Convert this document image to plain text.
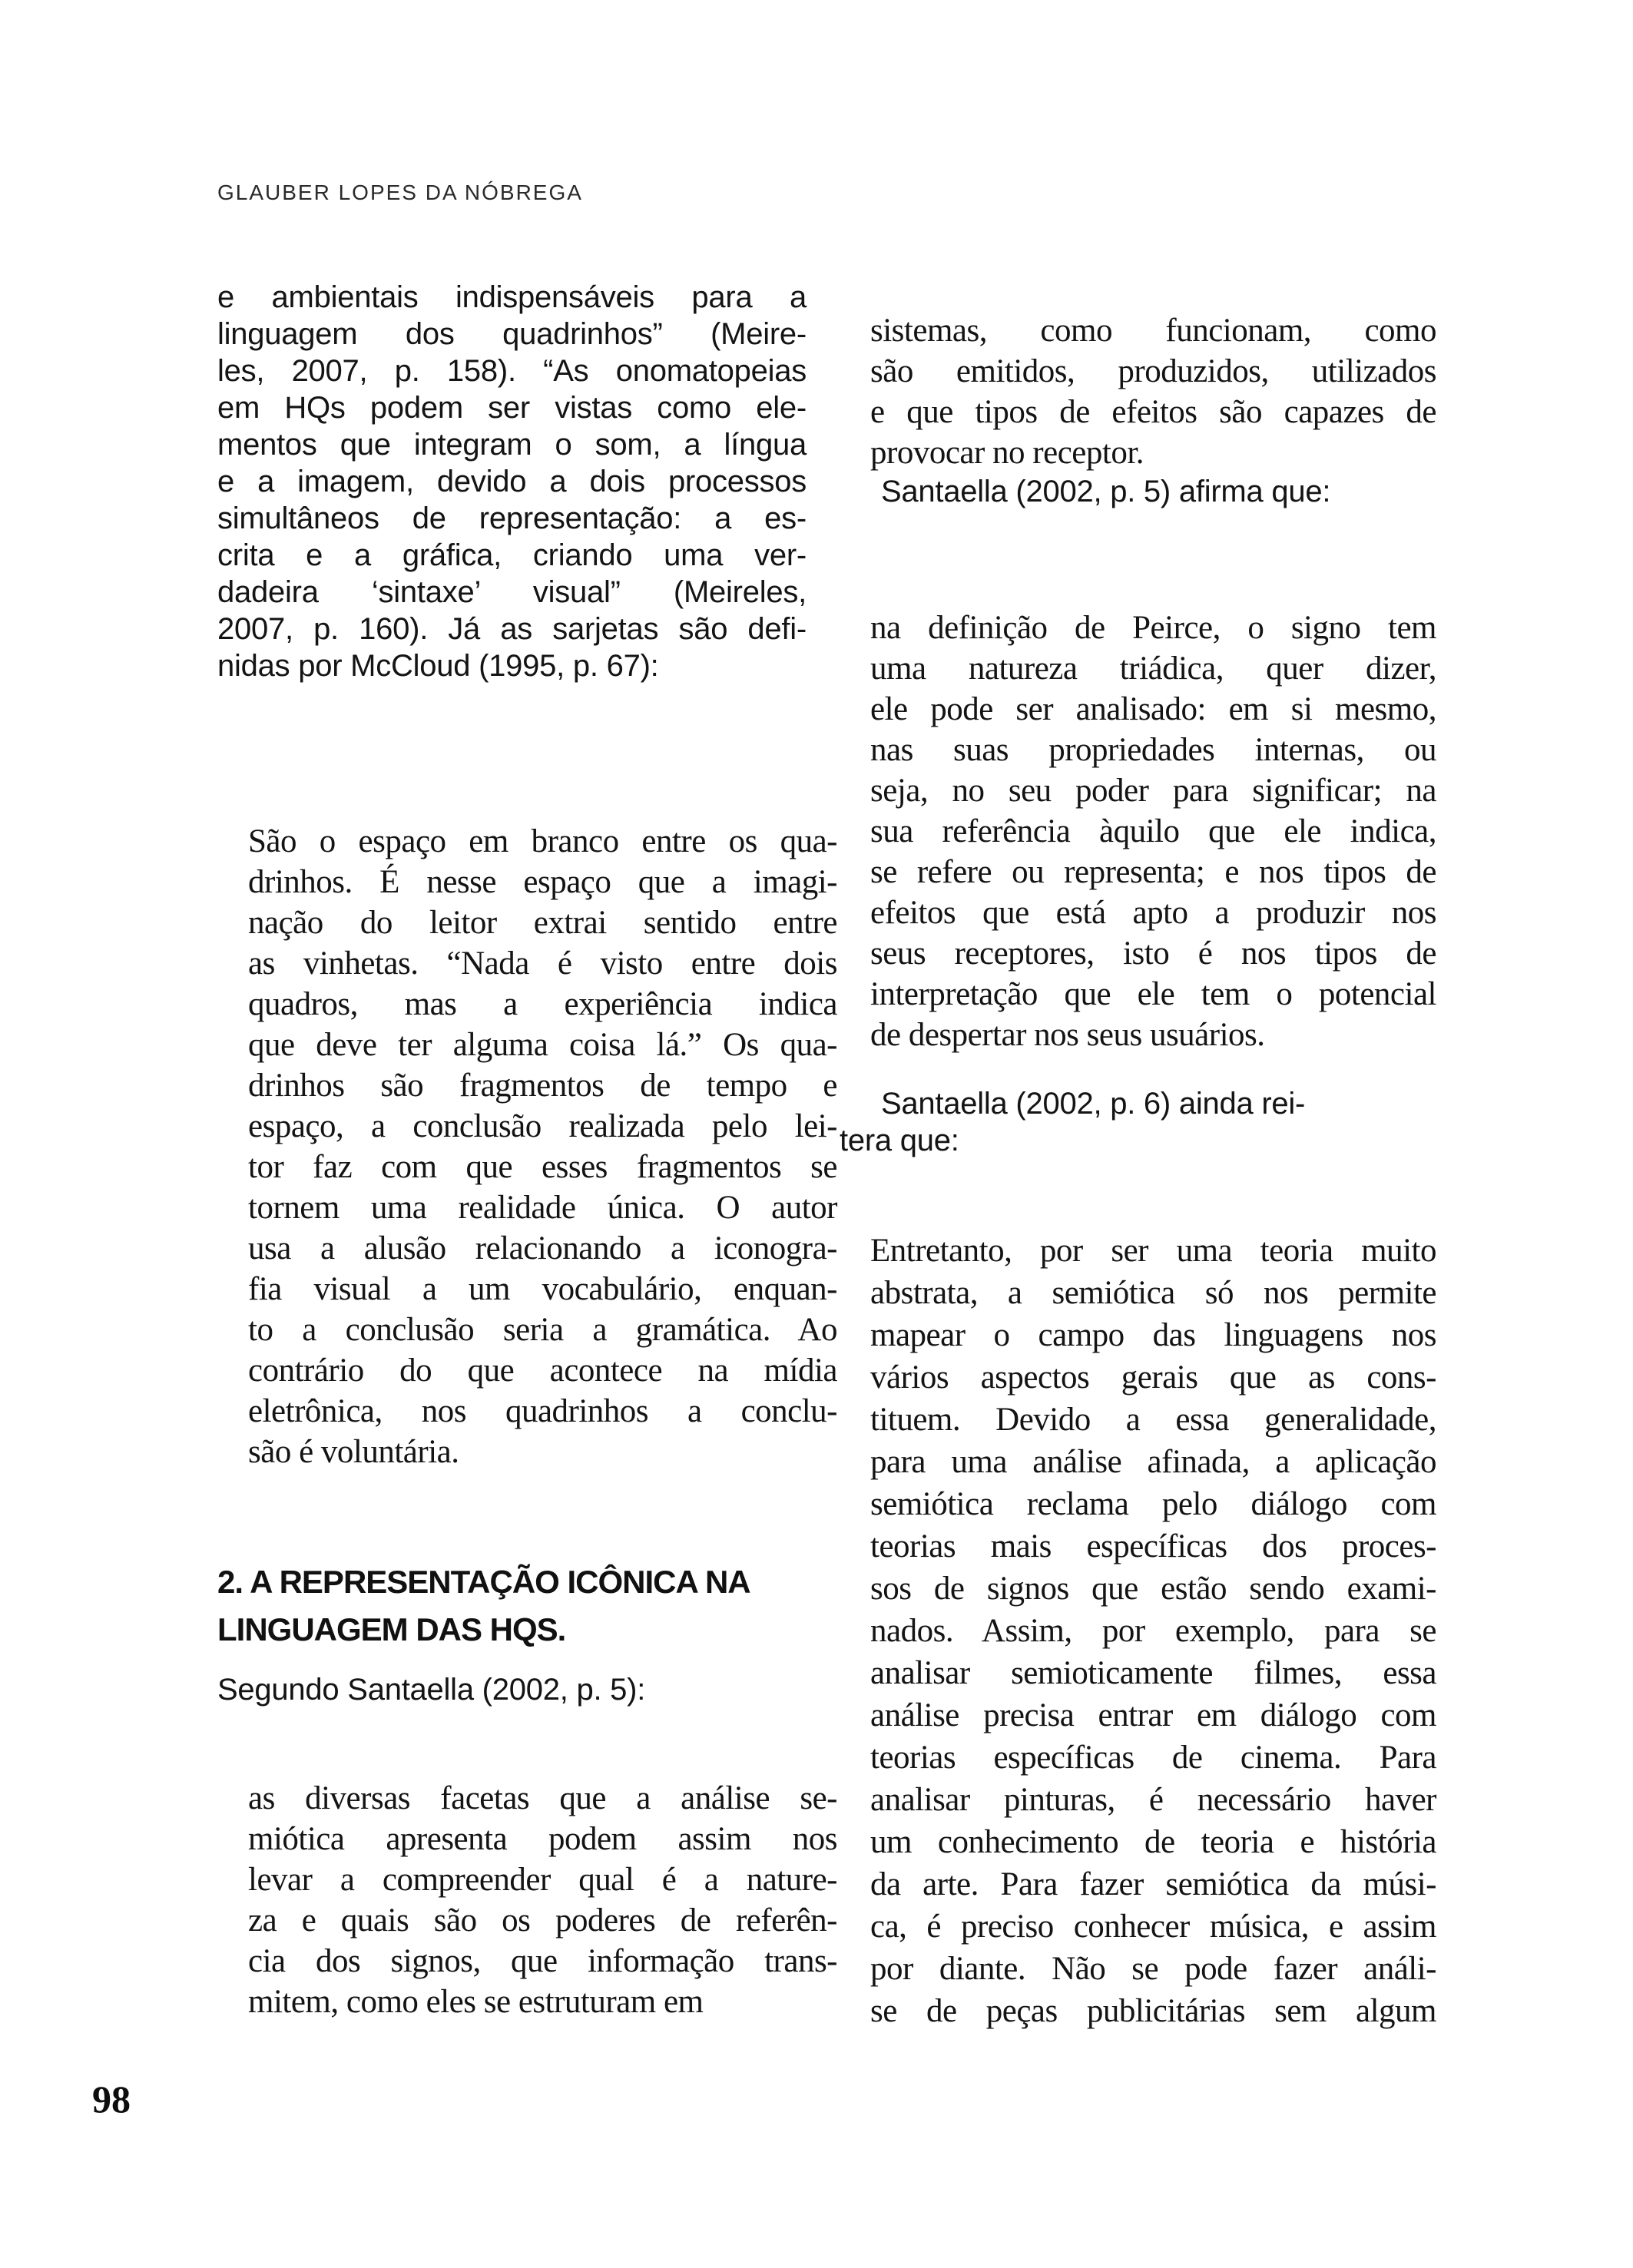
GLAUBER LOPES DA NÓBREGA
e ambientais indispensáveis para a
linguagem dos quadrinhos” (Meire-
les, 2007, p. 158). “As onomatopeias
em HQs podem ser vistas como ele-
mentos que integram o som, a língua
e a imagem, devido a dois processos
simultâneos de representação: a es-
crita e a gráfica, criando uma ver-
dadeira ‘sintaxe’ visual” (Meireles,
2007, p. 160). Já as sarjetas são defi-
nidas por McCloud (1995, p. 67):
São o espaço em branco entre os qua-
drinhos. É nesse espaço que a imagi-
nação do leitor extrai sentido entre
as vinhetas. “Nada é visto entre dois
quadros, mas a experiência indica
que deve ter alguma coisa lá.” Os qua-
drinhos são fragmentos de tempo e
espaço, a conclusão realizada pelo lei-
tor faz com que esses fragmentos se
tornem uma realidade única. O autor
usa a alusão relacionando a iconogra-
fia visual a um vocabulário, enquan-
to a conclusão seria a gramática. Ao
contrário do que acontece na mídia
eletrônica, nos quadrinhos a conclu-
são é voluntária.
2. A REPRESENTAÇÃO ICÔNICA NA
LINGUAGEM DAS HQS.
Segundo Santaella (2002, p. 5):
as diversas facetas que a análise se-
miótica apresenta podem assim nos
levar a compreender qual é a nature-
za e quais são os poderes de referên-
cia dos signos, que informação trans-
mitem, como eles se estruturam em
sistemas, como funcionam, como
são emitidos, produzidos, utilizados
e que tipos de efeitos são capazes de
provocar no receptor.
Santaella (2002, p. 5) afirma que:
na definição de Peirce, o signo tem
uma natureza triádica, quer dizer,
ele pode ser analisado: em si mesmo,
nas suas propriedades internas, ou
seja, no seu poder para significar; na
sua referência àquilo que ele indica,
se refere ou representa; e nos tipos de
efeitos que está apto a produzir nos
seus receptores, isto é nos tipos de
interpretação que ele tem o potencial
de despertar nos seus usuários.
Santaella (2002, p. 6) ainda rei-
tera que:
Entretanto, por ser uma teoria muito
abstrata, a semiótica só nos permite
mapear o campo das linguagens nos
vários aspectos gerais que as cons-
tituem. Devido a essa generalidade,
para uma análise afinada, a aplicação
semiótica reclama pelo diálogo com
teorias mais específicas dos proces-
sos de signos que estão sendo exami-
nados. Assim, por exemplo, para se
analisar semioticamente filmes, essa
análise precisa entrar em diálogo com
teorias específicas de cinema. Para
analisar pinturas, é necessário haver
um conhecimento de teoria e história
da arte. Para fazer semiótica da músi-
ca, é preciso conhecer música, e assim
por diante. Não se pode fazer análi-
se de peças publicitárias sem algum
98
